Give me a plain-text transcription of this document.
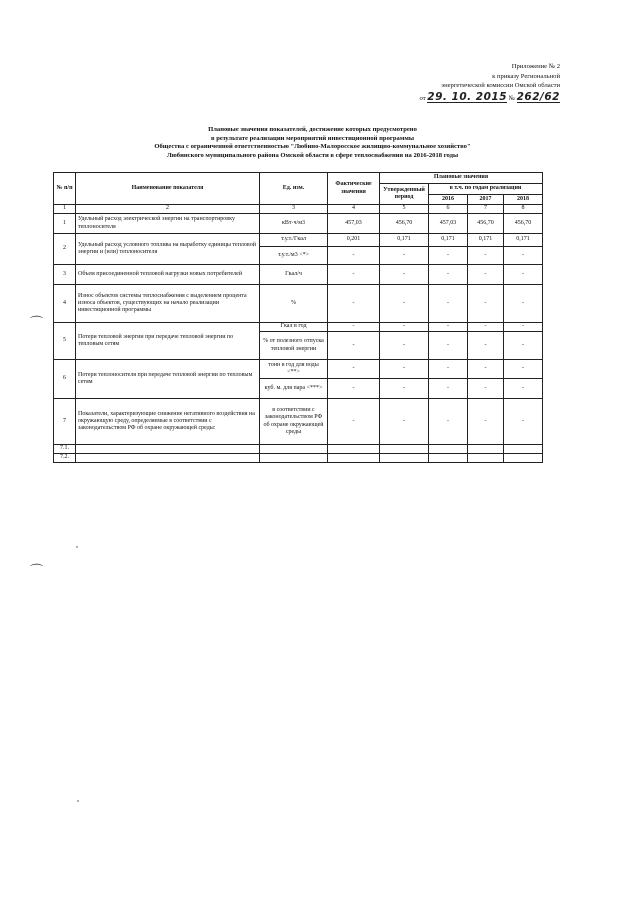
Приложение № 2
к приказу Региональной
энергетической комиссии Омской области
от 29. 10. 2015 № 262/62
Плановые значения показателей, достижение которых предусмотрено
в результате реализации мероприятий инвестиционной программы
Общества с ограниченной ответственностью "Любино-Малоросское жилищно-коммунальное хозяйство"
Любинского муниципального района Омской области в сфере теплоснабжения на 2016-2018 годы
№ п/п	Наименование показателя	Ед. изм.	Фактические значения	Плановые значения			
				Утвержденный период	в т.ч. по годам реализации		
					2016	2017	2018
1	2	3	4	5	6	7	8
1	Удельный расход электрической энергии на транспортировку теплоносителя	кВт·ч/м3	457,03	456,70	457,03	456,70	456,70
2	Удельный расход условного топлива на выработку единицы тепловой энергии и (или) теплоносителя	т.у.т./Гкал	0,201	0,171	0,171	0,171	0,171
		т.у.т./м3 <*>	-	-	-	-	-
3	Объем присоединенной тепловой нагрузки новых потребителей	Гкал/ч	-	-	-	-	-
4	Износ объектов системы теплоснабжения с выделением процента износа объектов, существующих на начало реализации инвестиционной программы	%	-	-	-	-	-
5	Потери тепловой энергии при передаче тепловой энергии по тепловым сетям	Гкал в год	-	-	-	-	-
		% от полезного отпуска тепловой энергии	-	-	-	-	-
6	Потери теплоносителя при передаче тепловой энергии по тепловым сетям	тонн в год для воды <**>	-	-	-	-	-
		куб. м. для пара <***>	-	-	-	-	-
7	Показатели, характеризующие снижение негативного воздействия на окружающую среду, определяемые в соответствии с законодательством РФ об охране окружающей среды:	в соответствии с законодательством РФ об охране окружающей среды	-	-	-	-	-
7.1.							
7.2.							
⌒
⌒
